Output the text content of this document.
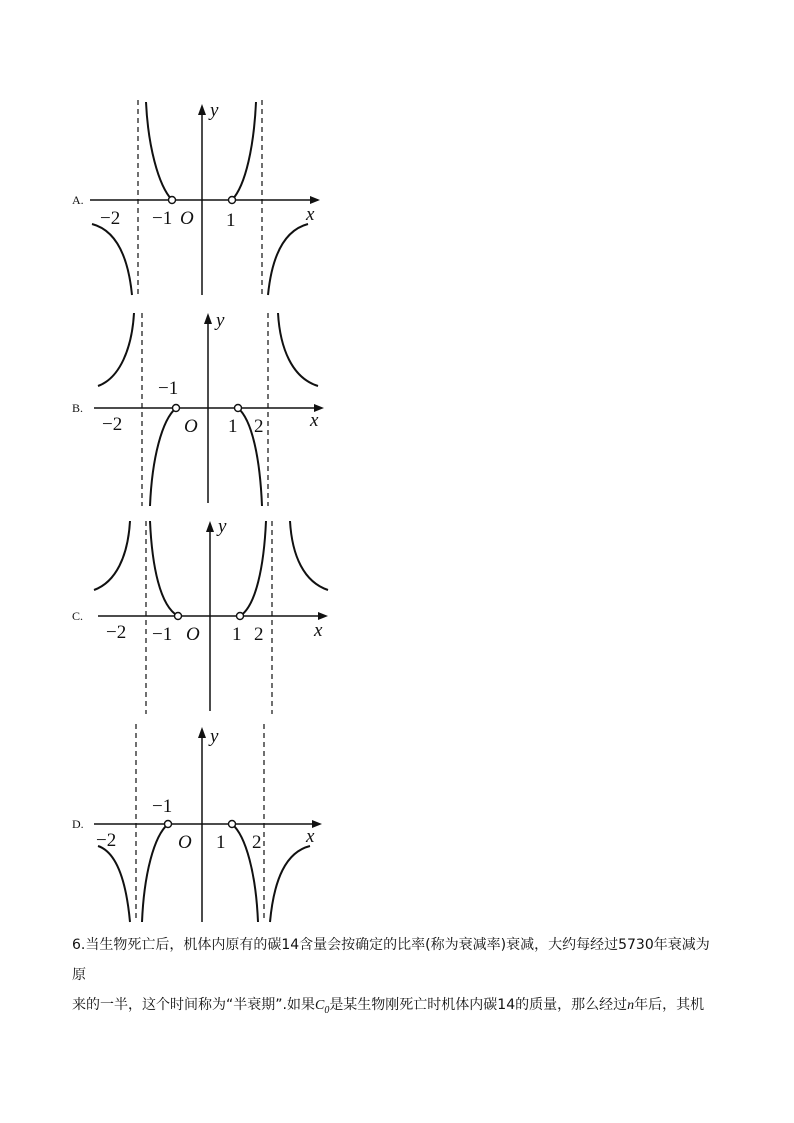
A.
y
x
O
−2 −1	1
B.
y
x
O
−2
−1
1 2
C.
y
x
O
−2 −1	1 2
D.
y
x
O
−2
−1
1 2
6.当生物死亡后，机体内原有的碳14含量会按确定的比率(称为衰减率)衰减，大约每经过5730年衰减为原
来的一半，这个时间称为“半衰期”.如果$C_0$是某生物刚死亡时机体内碳14的质量，那么经过n年后，其机
